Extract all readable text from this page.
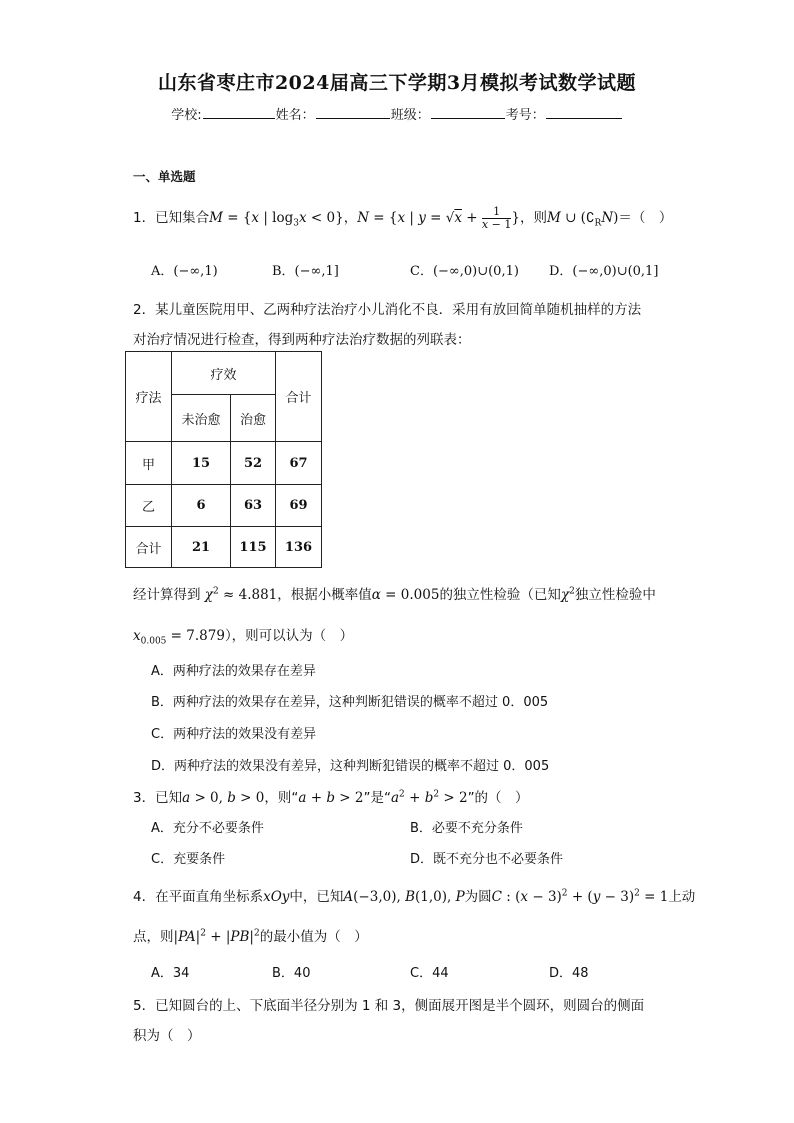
山东省枣庄市2024届高三下学期3月模拟考试数学试题
学校:	姓名：	班级：	考号：
一、单选题
1．已知集合M = {x | $\log_3x < 0$}，N = {x | $y = √x + \frac{1}{x - 1}$ }，则M ∪ $(∁_RN)=$（　）
A．(−∞,1)	B．(−∞,1]	C．(−∞,0)∪(0,1) D．(−∞,0)∪(0,1]
2．某儿童医院用甲、乙两种疗法治疗小儿消化不良．采用有放回简单随机抽样的方法
对治疗情况进行检查，得到两种疗法治疗数据的列联表：
疗法	疗效		合计
	未治愈	治愈	
甲	15	52	67
乙	6	63	69
合计	21	115	136
经计算得到 $\chi^2 \approx 4.881$，根据小概率值α = 0.005的独立性检验（已知$\chi^2$独立性检验中
$x_{0.005} = 7.879$），则可以认为（　）
A．两种疗法的效果存在差异
B．两种疗法的效果存在差异，这种判断犯错误的概率不超过 0．005
C．两种疗法的效果没有差异
D．两种疗法的效果没有差异，这种判断犯错误的概率不超过 0．005
3．已知a > 0, b > 0，则“a + b > 2”是“$a^2 + b^2 > 2$”的（　）
A．充分不必要条件	B．必要不充分条件
C．充要条件	D．既不充分也不必要条件
4．在平面直角坐标系xOy中，已知A(−3,0), B(1,0), P为圆C : $(x - 3)^2 + (y - 3)^2 = 1$上动
点，则$|PA|^2 + |PB|^2$的最小值为（　）
A．34	B．40	C．44	D．48
5．已知圆台的上、下底面半径分别为 1 和 3，侧面展开图是半个圆环，则圆台的侧面
积为（　）
